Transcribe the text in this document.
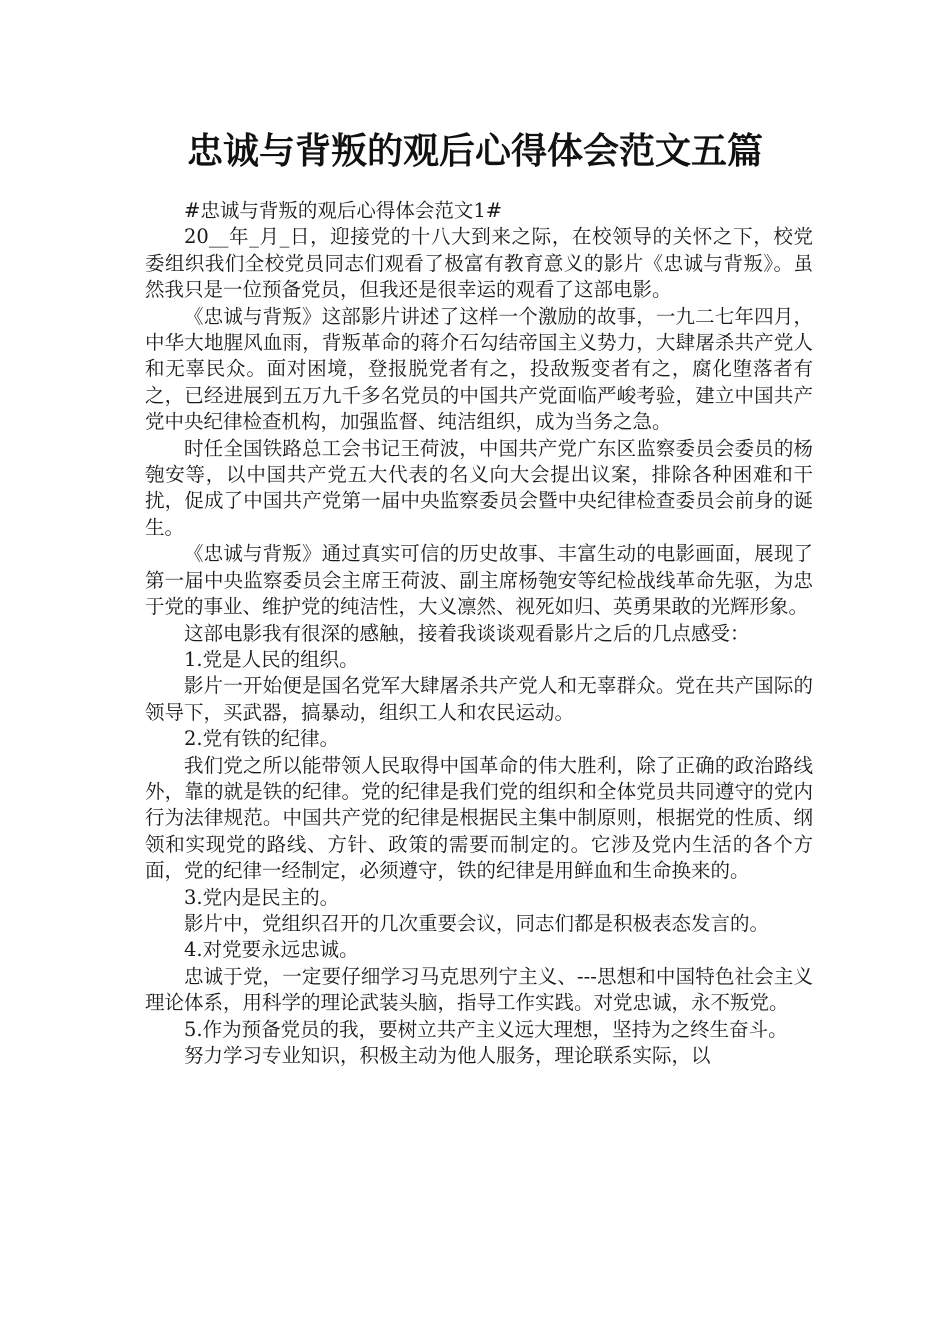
忠诚与背叛的观后心得体会范文五篇

#忠诚与背叛的观后心得体会范文1#

20__年_月_日，迎接党的十八大到来之际，在校领导的关怀之下，校党委组织我们全校党员同志们观看了极富有教育意义的影片《忠诚与背叛》。虽然我只是一位预备党员，但我还是很幸运的观看了这部电影。

《忠诚与背叛》这部影片讲述了这样一个激励的故事，一九二七年四月，中华大地腥风血雨，背叛革命的蒋介石勾结帝国主义势力，大肆屠杀共产党人和无辜民众。面对困境，登报脱党者有之，投敌叛变者有之，腐化堕落者有之，已经进展到五万九千多名党员的中国共产党面临严峻考验，建立中国共产党中央纪律检查机构，加强监督、纯洁组织，成为当务之急。

时任全国铁路总工会书记王荷波，中国共产党广东区监察委员会委员的杨匏安等，以中国共产党五大代表的名义向大会提出议案，排除各种困难和干扰，促成了中国共产党第一届中央监察委员会暨中央纪律检查委员会前身的诞生。

《忠诚与背叛》通过真实可信的历史故事、丰富生动的电影画面，展现了第一届中央监察委员会主席王荷波、副主席杨匏安等纪检战线革命先驱，为忠于党的事业、维护党的纯洁性，大义凛然、视死如归、英勇果敢的光辉形象。

这部电影我有很深的感触，接着我谈谈观看影片之后的几点感受：

1.党是人民的组织。

影片一开始便是国名党军大肆屠杀共产党人和无辜群众。党在共产国际的领导下，买武器，搞暴动，组织工人和农民运动。

2.党有铁的纪律。

我们党之所以能带领人民取得中国革命的伟大胜利，除了正确的政治路线外，靠的就是铁的纪律。党的纪律是我们党的组织和全体党员共同遵守的党内行为法律规范。中国共产党的纪律是根据民主集中制原则，根据党的性质、纲领和实现党的路线、方针、政策的需要而制定的。它涉及党内生活的各个方面，党的纪律一经制定，必须遵守，铁的纪律是用鲜血和生命换来的。

3.党内是民主的。

影片中，党组织召开的几次重要会议，同志们都是积极表态发言的。

4.对党要永远忠诚。

忠诚于党，一定要仔细学习马克思列宁主义、---思想和中国特色社会主义理论体系，用科学的理论武装头脑，指导工作实践。对党忠诚，永不叛党。

5.作为预备党员的我，要树立共产主义远大理想，坚持为之终生奋斗。

努力学习专业知识，积极主动为他人服务，理论联系实际，以
